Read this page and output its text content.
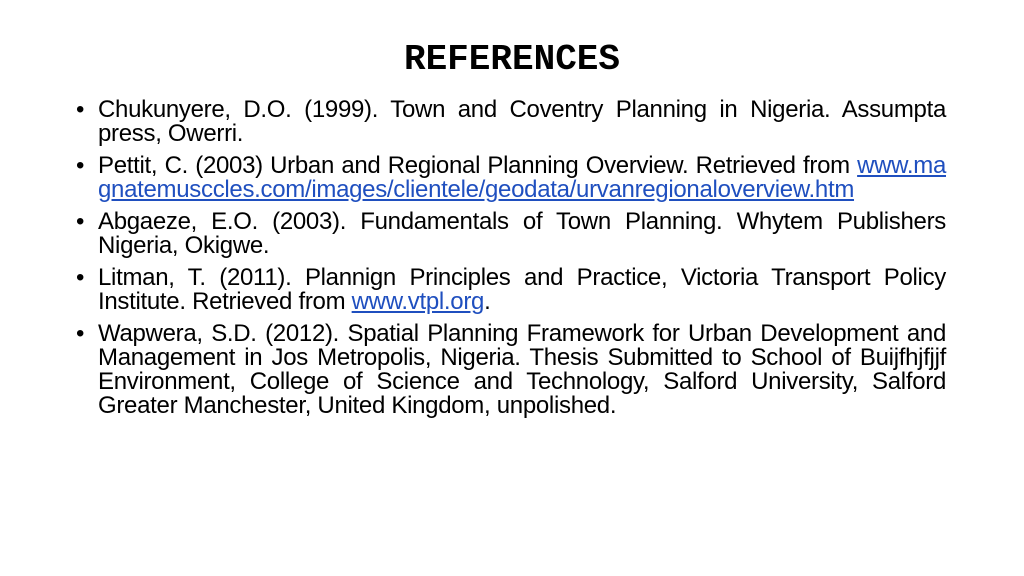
REFERENCES
• Chukunyere, D.O. (1999). Town and Coventry Planning in Nigeria. Assumpta press, Owerri.
• Pettit, C. (2003) Urban and Regional Planning Overview. Retrieved from www.magnatemusccles.com/images/clientele/geodata/urvanregionaloverview.htm
• Abgaeze, E.O. (2003). Fundamentals of Town Planning. Whytem Publishers Nigeria, Okigwe.
• Litman, T. (2011). Plannign Principles and Practice, Victoria Transport Policy Institute. Retrieved from www.vtpl.org.
• Wapwera, S.D. (2012). Spatial Planning Framework for Urban Development and Management in Jos Metropolis, Nigeria. Thesis Submitted to School of Buijfhjfjjf Environment, College of Science and Technology, Salford University, Salford Greater Manchester, United Kingdom, unpolished.
